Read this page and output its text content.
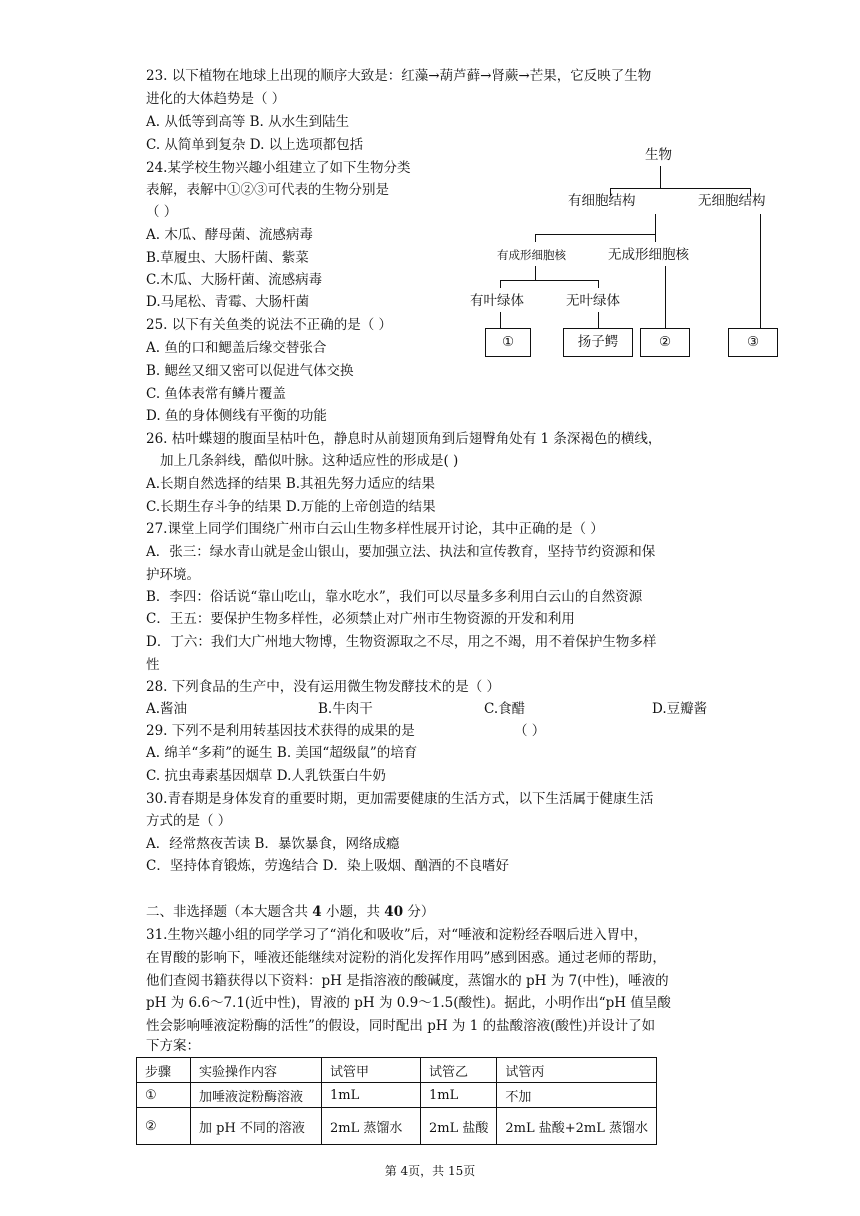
23. 以下植物在地球上出现的顺序大致是：红藻→葫芦藓→肾蕨→芒果，它反映了生物
进化的大体趋势是（ ）
A. 从低等到高等 B. 从水生到陆生
C. 从简单到复杂 D. 以上选项都包括
24.某学校生物兴趣小组建立了如下生物分类
表解，表解中①②③可代表的生物分别是
（ ）
A. 木瓜、酵母菌、流感病毒
B.草履虫、大肠杆菌、紫菜
C.木瓜、大肠杆菌、流感病毒
D.马尾松、青霉、大肠杆菌
生物
有细胞结构	无细胞结构
有成形细胞核	无成形细胞核
有叶绿体	无叶绿体
①	扬子鳄	②	③
25. 以下有关鱼类的说法不正确的是（ ）
A. 鱼的口和鳃盖后缘交替张合
B. 鳃丝又细又密可以促进气体交换
C. 鱼体表常有鳞片覆盖
D. 鱼的身体侧线有平衡的功能
26. 枯叶蝶翅的腹面呈枯叶色，静息时从前翅顶角到后翅臀角处有 1 条深褐色的横线，
加上几条斜线，酷似叶脉。这种适应性的形成是( )
A.长期自然选择的结果 B.其祖先努力适应的结果
C.长期生存斗争的结果 D.万能的上帝创造的结果
27.课堂上同学们围绕广州市白云山生物多样性展开讨论，其中正确的是（ ）
A．张三：绿水青山就是金山银山，要加强立法、执法和宣传教育，坚持节约资源和保
护环境。
B．李四：俗话说“靠山吃山，靠水吃水”，我们可以尽量多多利用白云山的自然资源
C．王五：要保护生物多样性，必须禁止对广州市生物资源的开发和利用
D．丁六：我们大广州地大物博，生物资源取之不尽，用之不竭，用不着保护生物多样
性
28. 下列食品的生产中，没有运用微生物发酵技术的是（ ）
A.酱油	B.牛肉干	C.食醋	D.豆瓣酱
29. 下列不是利用转基因技术获得的成果的是	（ ）
A. 绵羊“多莉”的诞生 B. 美国“超级鼠”的培育
C. 抗虫毒素基因烟草 D.人乳铁蛋白牛奶
30.青春期是身体发育的重要时期，更加需要健康的生活方式，以下生活属于健康生活
方式的是（ ）
A．经常熬夜苦读 B．暴饮暴食，网络成瘾
C．坚持体育锻炼，劳逸结合 D．染上吸烟、酗酒的不良嗜好
二、非选择题（本大题含共 4 小题，共 40 分）
31.生物兴趣小组的同学学习了“消化和吸收”后，对“唾液和淀粉经吞咽后进入胃中，
在胃酸的影响下，唾液还能继续对淀粉的消化发挥作用吗”感到困惑。通过老师的帮助，
他们查阅书籍获得以下资料：pH 是指溶液的酸碱度，蒸馏水的 pH 为 7(中性)，唾液的
pH 为 6.6～7.1(近中性)，胃液的 pH 为 0.9～1.5(酸性)。据此，小明作出“pH 值呈酸
性会影响唾液淀粉酶的活性”的假设，同时配出 pH 为 1 的盐酸溶液(酸性)并设计了如
下方案：
步骤	实验操作内容	试管甲	试管乙	试管丙
①	加唾液淀粉酶溶液	1mL	1mL	不加
②	加 pH 不同的溶液	2mL 蒸馏水	2mL 盐酸	2mL 盐酸+2mL 蒸馏水
第 4页，共 15页
